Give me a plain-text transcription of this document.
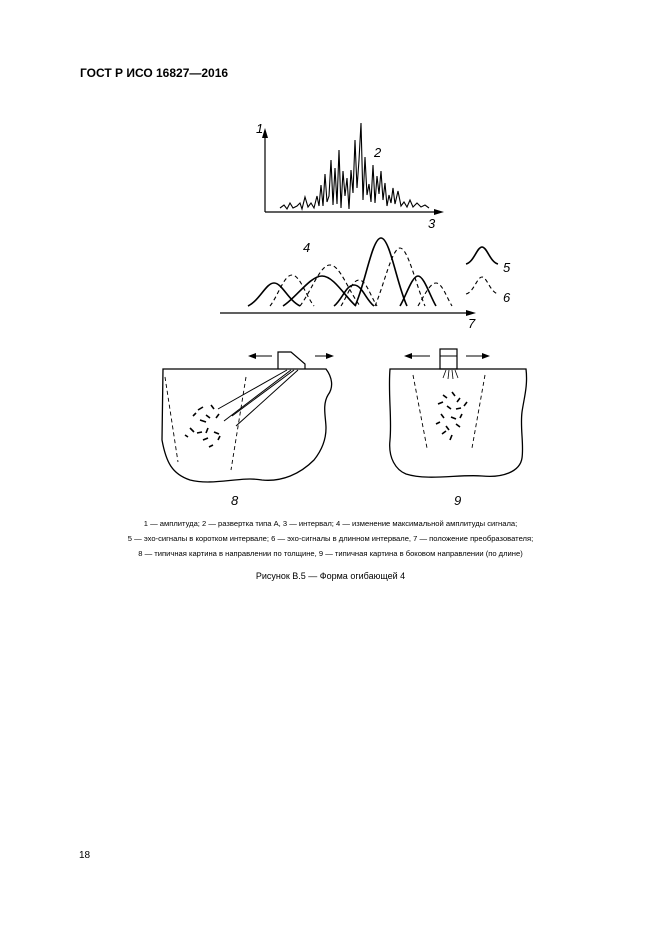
ГОСТ Р ИСО 16827—2016
1
2
3
4
5
6
7
8	9
1 — амплитуда; 2 — развертка типа А, 3 — интервал; 4 — изменение максимальной амплитуды сигнала;
5 — эхо-сигналы в коротком интервале; 6 — эхо-сигналы в длинном интервале, 7 — положение преобразователя;
8 — типичная картина в направлении по толщине, 9 — типичная картина в боковом направлении (по длине)
Рисунок В.5 — Форма огибающей 4
18
